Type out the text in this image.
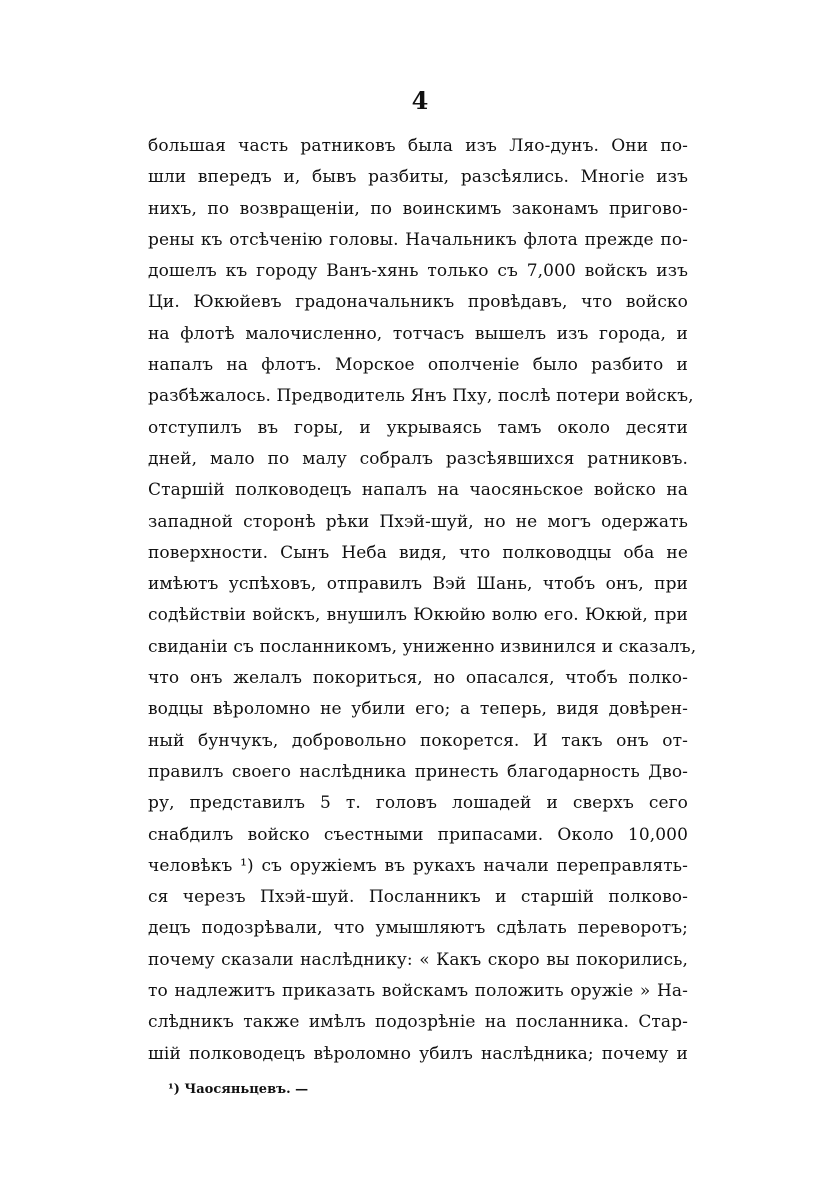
4
большая часть ратниковъ была изъ Ляо-дунъ. Они по-
шли впередъ и, бывъ разбиты, разсѣялись. Многіе изъ
нихъ, по возвращеніи, по воинскимъ законамъ пригово-
рены къ отсѣченію головы. Начальникъ флота прежде по-
дошелъ къ городу Ванъ-хянь только съ 7,000 войскъ изъ
Ци. Юкюйевъ градоначальникъ провѣдавъ, что войско
на флотѣ малочисленно, тотчасъ вышелъ изъ города, и
напалъ на флотъ. Морское ополченіе было разбито и
разбѣжалось. Предводитель Янъ Пху, послѣ потери войскъ,
отступилъ въ горы, и укрываясь тамъ около десяти
дней, мало по малу собралъ разсѣявшихся ратниковъ.
Старшій полководецъ напалъ на чаосяньское войско на
западной сторонѣ рѣки Пхэй-шуй, но не могъ одержать
поверхности. Сынъ Неба видя, что полководцы оба не
имѣютъ успѣховъ, отправилъ Вэй Шань, чтобъ онъ, при
содѣйствіи войскъ, внушилъ Юкюйю волю его. Юкюй, при
свиданіи съ посланникомъ, униженно извинился и сказалъ,
что онъ желалъ покориться, но опасался, чтобъ полко-
водцы вѣроломно не убили его; а теперь, видя довѣрен-
ный бунчукъ, добровольно покорется. И такъ онъ от-
правилъ своего наслѣдника принесть благодарность Дво-
ру, представилъ 5 т. головъ лошадей и сверхъ сего
снабдилъ войско съестными припасами. Около 10,000
человѣкъ ¹) съ оружіемъ въ рукахъ начали переправлять-
ся черезъ Пхэй-шуй. Посланникъ и старшій полково-
децъ подозрѣвали, что умышляютъ сдѣлать переворотъ;
почему сказали наслѣднику: « Какъ скоро вы покорились,
то надлежитъ приказать войскамъ положить оружіе » На-
слѣдникъ также имѣлъ подозрѣніе на посланника. Стар-
шій полководецъ вѣроломно убилъ наслѣдника; почему и
¹) Чаосяньцевъ. —
